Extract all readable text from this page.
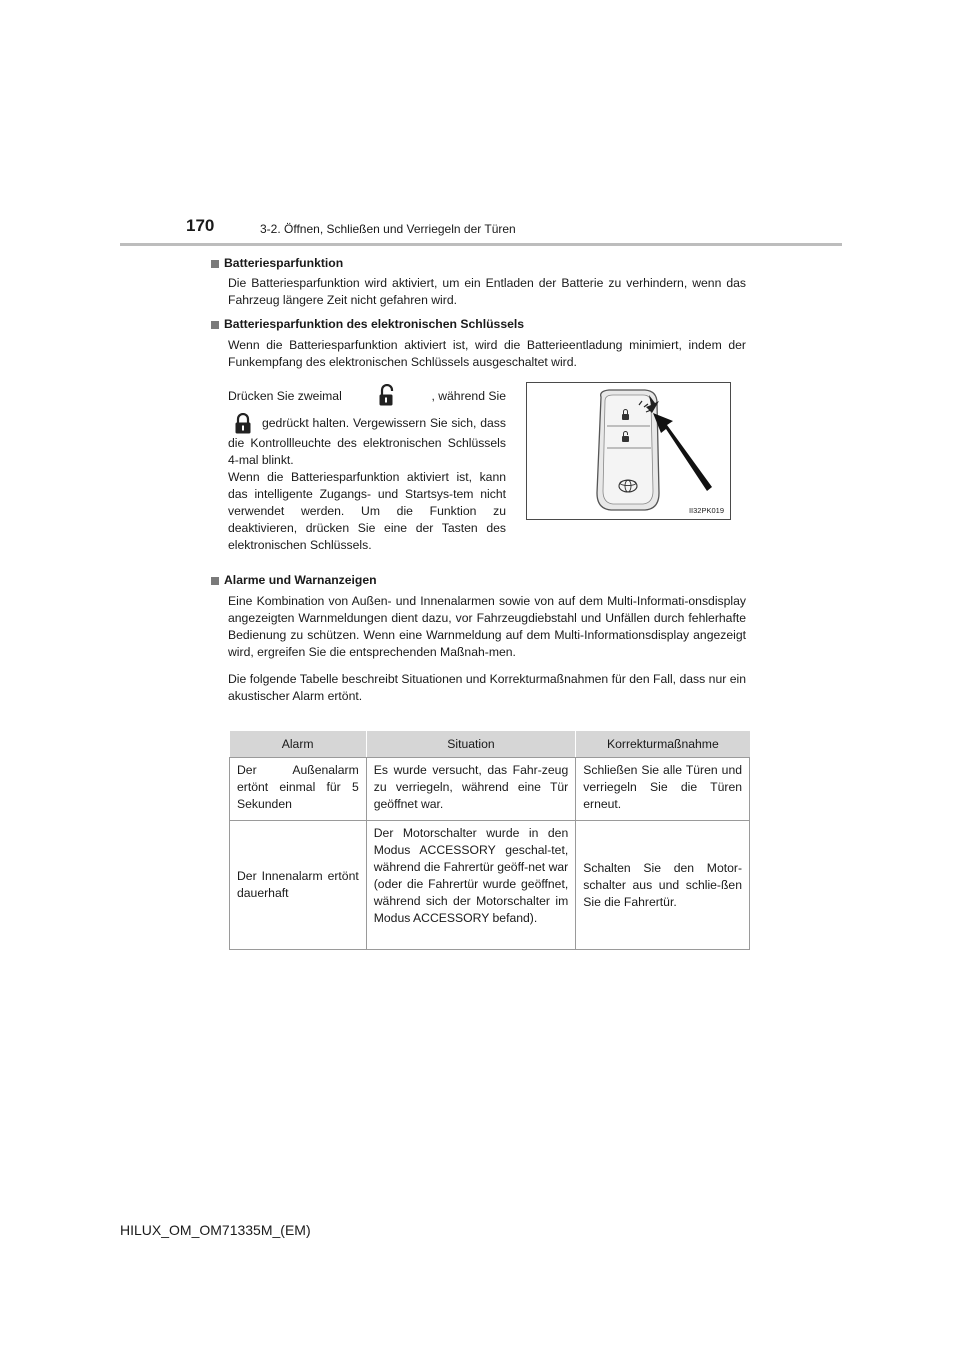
170	3-2. Öffnen, Schließen und Verriegeln der Türen
Batteriesparfunktion

Die Batteriesparfunktion wird aktiviert, um ein Entladen der Batterie zu verhindern, wenn das Fahrzeug längere Zeit nicht gefahren wird.

Batteriesparfunktion des elektronischen Schlüssels

Wenn die Batteriesparfunktion aktiviert ist, wird die Batterieentladung minimiert, indem der Funkempfang des elektronischen Schlüssels ausgeschaltet wird.

Drücken Sie zweimal	, während Sie
gedrückt halten. Vergewissern Sie sich, dass die Kontrollleuchte des elektronischen Schlüssels 4-mal blinkt.
Wenn die Batteriesparfunktion aktiviert ist, kann das intelligente Zugangs- und Startsys-tem nicht verwendet werden. Um die Funktion zu deaktivieren, drücken Sie eine der Tasten des elektronischen Schlüssels.
II32PK019
Alarme und Warnanzeigen

Eine Kombination von Außen- und Innenalarmen sowie von auf dem Multi-Informati-onsdisplay angezeigten Warnmeldungen dient dazu, vor Fahrzeugdiebstahl und Unfällen durch fehlerhafte Bedienung zu schützen. Wenn eine Warnmeldung auf dem Multi-Informationsdisplay angezeigt wird, ergreifen Sie die entsprechenden Maßnah-men.

Die folgende Tabelle beschreibt Situationen und Korrekturmaßnahmen für den Fall, dass nur ein akustischer Alarm ertönt.

Alarm	Situation	Korrekturmaßnahme
Der Außenalarm ertönt einmal für 5 Sekunden	Es wurde versucht, das Fahr-zeug zu verriegeln, während eine Tür geöffnet war.	Schließen Sie alle Türen und verriegeln Sie die Türen erneut.
Der Innenalarm ertönt dauerhaft	Der Motorschalter wurde in den Modus ACCESSORY geschal-tet, während die Fahrertür geöff-net war (oder die Fahrertür wurde geöffnet, während sich der Motorschalter im Modus ACCESSORY befand).	Schalten Sie den Motor-schalter aus und schlie-ßen Sie die Fahrertür.
HILUX_OM_OM71335M_(EM)
